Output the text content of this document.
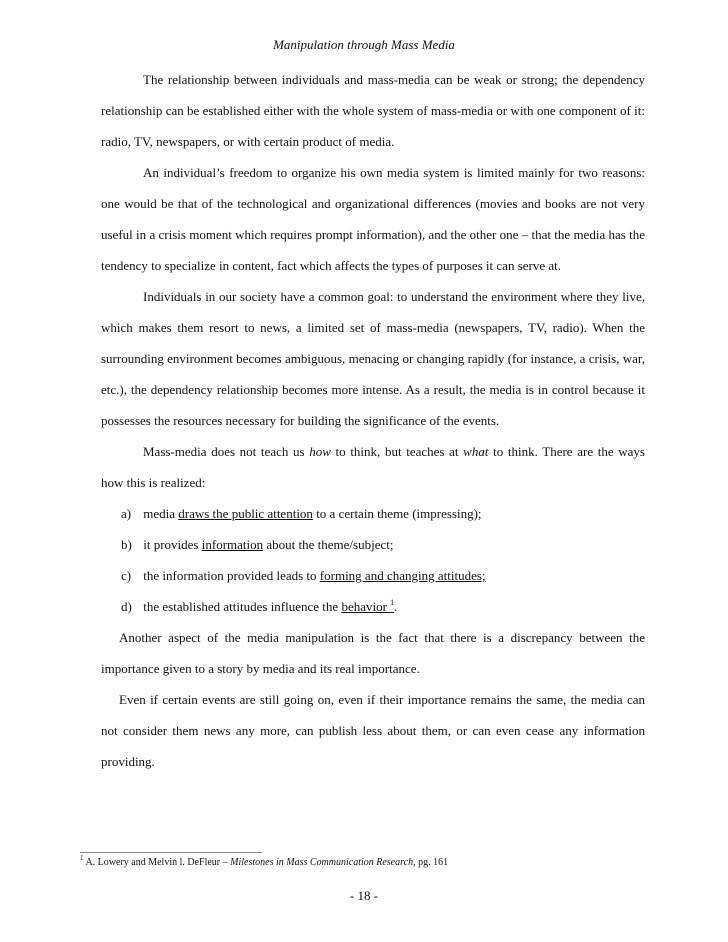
Manipulation through Mass Media

The relationship between individuals and mass-media can be weak or strong; the dependency relationship can be established either with the whole system of mass-media or with one component of it: radio, TV, newspapers, or with certain product of media.

An individual’s freedom to organize his own media system is limited mainly for two reasons: one would be that of the technological and organizational differences (movies and books are not very useful in a crisis moment which requires prompt information), and the other one – that the media has the tendency to specialize in content, fact which affects the types of purposes it can serve at.

Individuals in our society have a common goal: to understand the environment where they live, which makes them resort to news, a limited set of mass-media (newspapers, TV, radio). When the surrounding environment becomes ambiguous, menacing or changing rapidly (for instance, a crisis, war, etc.), the dependency relationship becomes more intense. As a result, the media is in control because it possesses the resources necessary for building the significance of the events.

Mass-media does not teach us how to think, but teaches at what to think. There are the ways how this is realized:

a) media draws the public attention to a certain theme (impressing);
b) it provides information about the theme/subject;
c) the information provided leads to forming and changing attitudes;
d) the established attitudes influence the behavior $^1$.

Another aspect of the media manipulation is the fact that there is a discrepancy between the importance given to a story by media and its real importance.

Even if certain events are still going on, even if their importance remains the same, the media can not consider them news any more, can publish less about them, or can even cease any information providing.

$^1$ A. Lowery and Melvin l. DeFleur – Milestones in Mass Communication Research, pg. 161
- 18 -
